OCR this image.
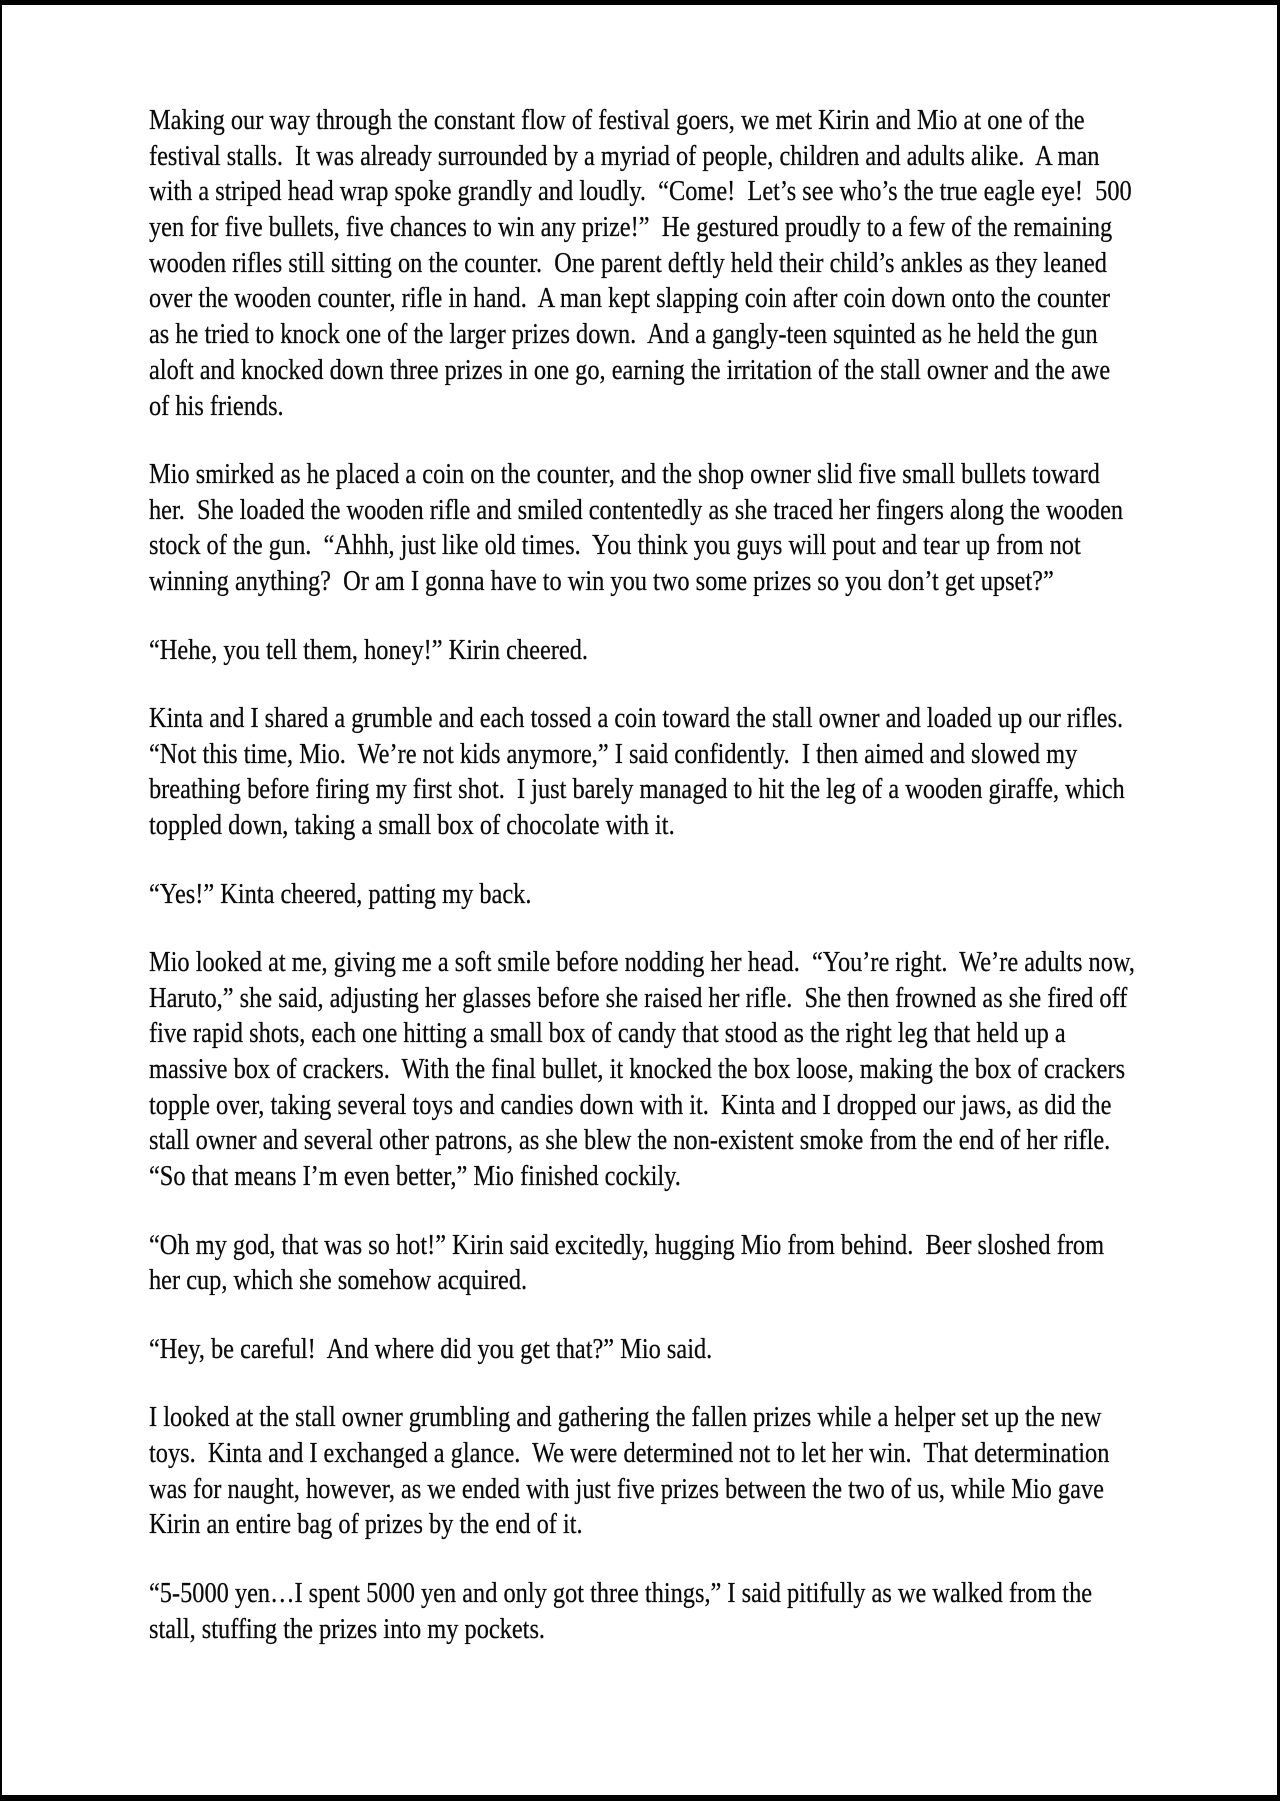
Making our way through the constant flow of festival goers, we met Kirin and Mio at one of the
festival stalls.  It was already surrounded by a myriad of people, children and adults alike.  A man
with a striped head wrap spoke grandly and loudly.  “Come!  Let’s see who’s the true eagle eye!  500
yen for five bullets, five chances to win any prize!”  He gestured proudly to a few of the remaining
wooden rifles still sitting on the counter.  One parent deftly held their child’s ankles as they leaned
over the wooden counter, rifle in hand.  A man kept slapping coin after coin down onto the counter
as he tried to knock one of the larger prizes down.  And a gangly-teen squinted as he held the gun
aloft and knocked down three prizes in one go, earning the irritation of the stall owner and the awe
of his friends.
Mio smirked as he placed a coin on the counter, and the shop owner slid five small bullets toward
her.  She loaded the wooden rifle and smiled contentedly as she traced her fingers along the wooden
stock of the gun.  “Ahhh, just like old times.  You think you guys will pout and tear up from not
winning anything?  Or am I gonna have to win you two some prizes so you don’t get upset?”
“Hehe, you tell them, honey!” Kirin cheered.
Kinta and I shared a grumble and each tossed a coin toward the stall owner and loaded up our rifles.
“Not this time, Mio.  We’re not kids anymore,” I said confidently.  I then aimed and slowed my
breathing before firing my first shot.  I just barely managed to hit the leg of a wooden giraffe, which
toppled down, taking a small box of chocolate with it.
“Yes!” Kinta cheered, patting my back.
Mio looked at me, giving me a soft smile before nodding her head.  “You’re right.  We’re adults now,
Haruto,” she said, adjusting her glasses before she raised her rifle.  She then frowned as she fired off
five rapid shots, each one hitting a small box of candy that stood as the right leg that held up a
massive box of crackers.  With the final bullet, it knocked the box loose, making the box of crackers
topple over, taking several toys and candies down with it.  Kinta and I dropped our jaws, as did the
stall owner and several other patrons, as she blew the non-existent smoke from the end of her rifle.
“So that means I’m even better,” Mio finished cockily.
“Oh my god, that was so hot!” Kirin said excitedly, hugging Mio from behind.  Beer sloshed from
her cup, which she somehow acquired.
“Hey, be careful!  And where did you get that?” Mio said.
I looked at the stall owner grumbling and gathering the fallen prizes while a helper set up the new
toys.  Kinta and I exchanged a glance.  We were determined not to let her win.  That determination
was for naught, however, as we ended with just five prizes between the two of us, while Mio gave
Kirin an entire bag of prizes by the end of it.
“5-5000 yen…I spent 5000 yen and only got three things,” I said pitifully as we walked from the
stall, stuffing the prizes into my pockets.
